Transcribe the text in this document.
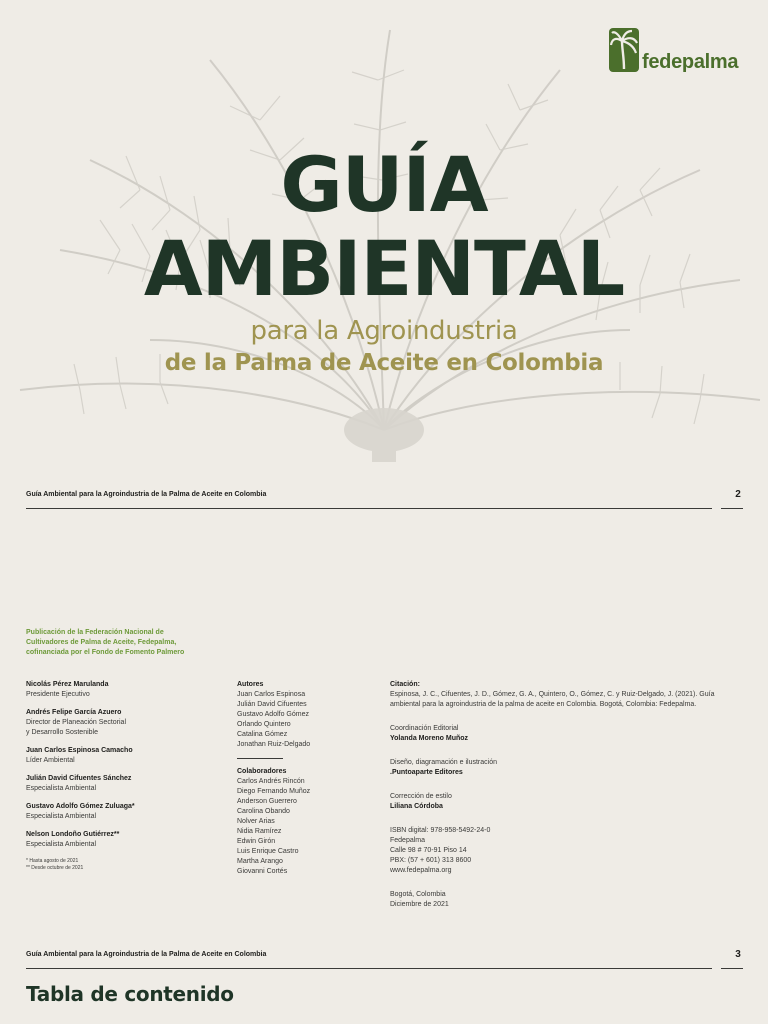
fedepalma
GUÍA
AMBIENTAL
para la Agroindustria
de la Palma de Aceite en Colombia
Guía Ambiental para la Agroindustria de la Palma de Aceite en Colombia	2
Publicación de la Federación Nacional de
Cultivadores de Palma de Aceite, Fedepalma,
cofinanciada por el Fondo de Fomento Palmero
Nicolás Pérez Marulanda
Presidente Ejecutivo
Andrés Felipe García Azuero
Director de Planeación Sectorial
y Desarrollo Sostenible
Juan Carlos Espinosa Camacho
Líder Ambiental
Julián David Cifuentes Sánchez
Especialista Ambiental
Gustavo Adolfo Gómez Zuluaga*
Especialista Ambiental
Nelson Londoño Gutiérrez**
Especialista Ambiental
* Hasta agosto de 2021
** Desde octubre de 2021
Autores
Juan Carlos Espinosa
Julián David Cifuentes
Gustavo Adolfo Gómez
Orlando Quintero
Catalina Gómez
Jonathan Ruiz-Delgado
Colaboradores
Carlos Andrés Rincón
Diego Fernando Muñoz
Anderson Guerrero
Carolina Obando
Nolver Arias
Nidia Ramírez
Edwin Girón
Luis Enrique Castro
Martha Arango
Giovanni Cortés
Citación:
Espinosa, J. C., Cifuentes, J. D., Gómez, G. A., Quintero, O., Gómez, C. y Ruiz-Delgado, J. (2021). Guía
ambiental para la agroindustria de la palma de aceite en Colombia. Bogotá, Colombia: Fedepalma.
Coordinación Editorial
Yolanda Moreno Muñoz
Diseño, diagramación e ilustración
.Puntoaparte Editores
Corrección de estilo
Liliana Córdoba
ISBN digital: 978-958-5492-24-0
Fedepalma
Calle 98 # 70-91 Piso 14
PBX: (57 + 601) 313 8600
www.fedepalma.org
Bogotá, Colombia
Diciembre de 2021
Guía Ambiental para la Agroindustria de la Palma de Aceite en Colombia	3
Tabla de contenido
